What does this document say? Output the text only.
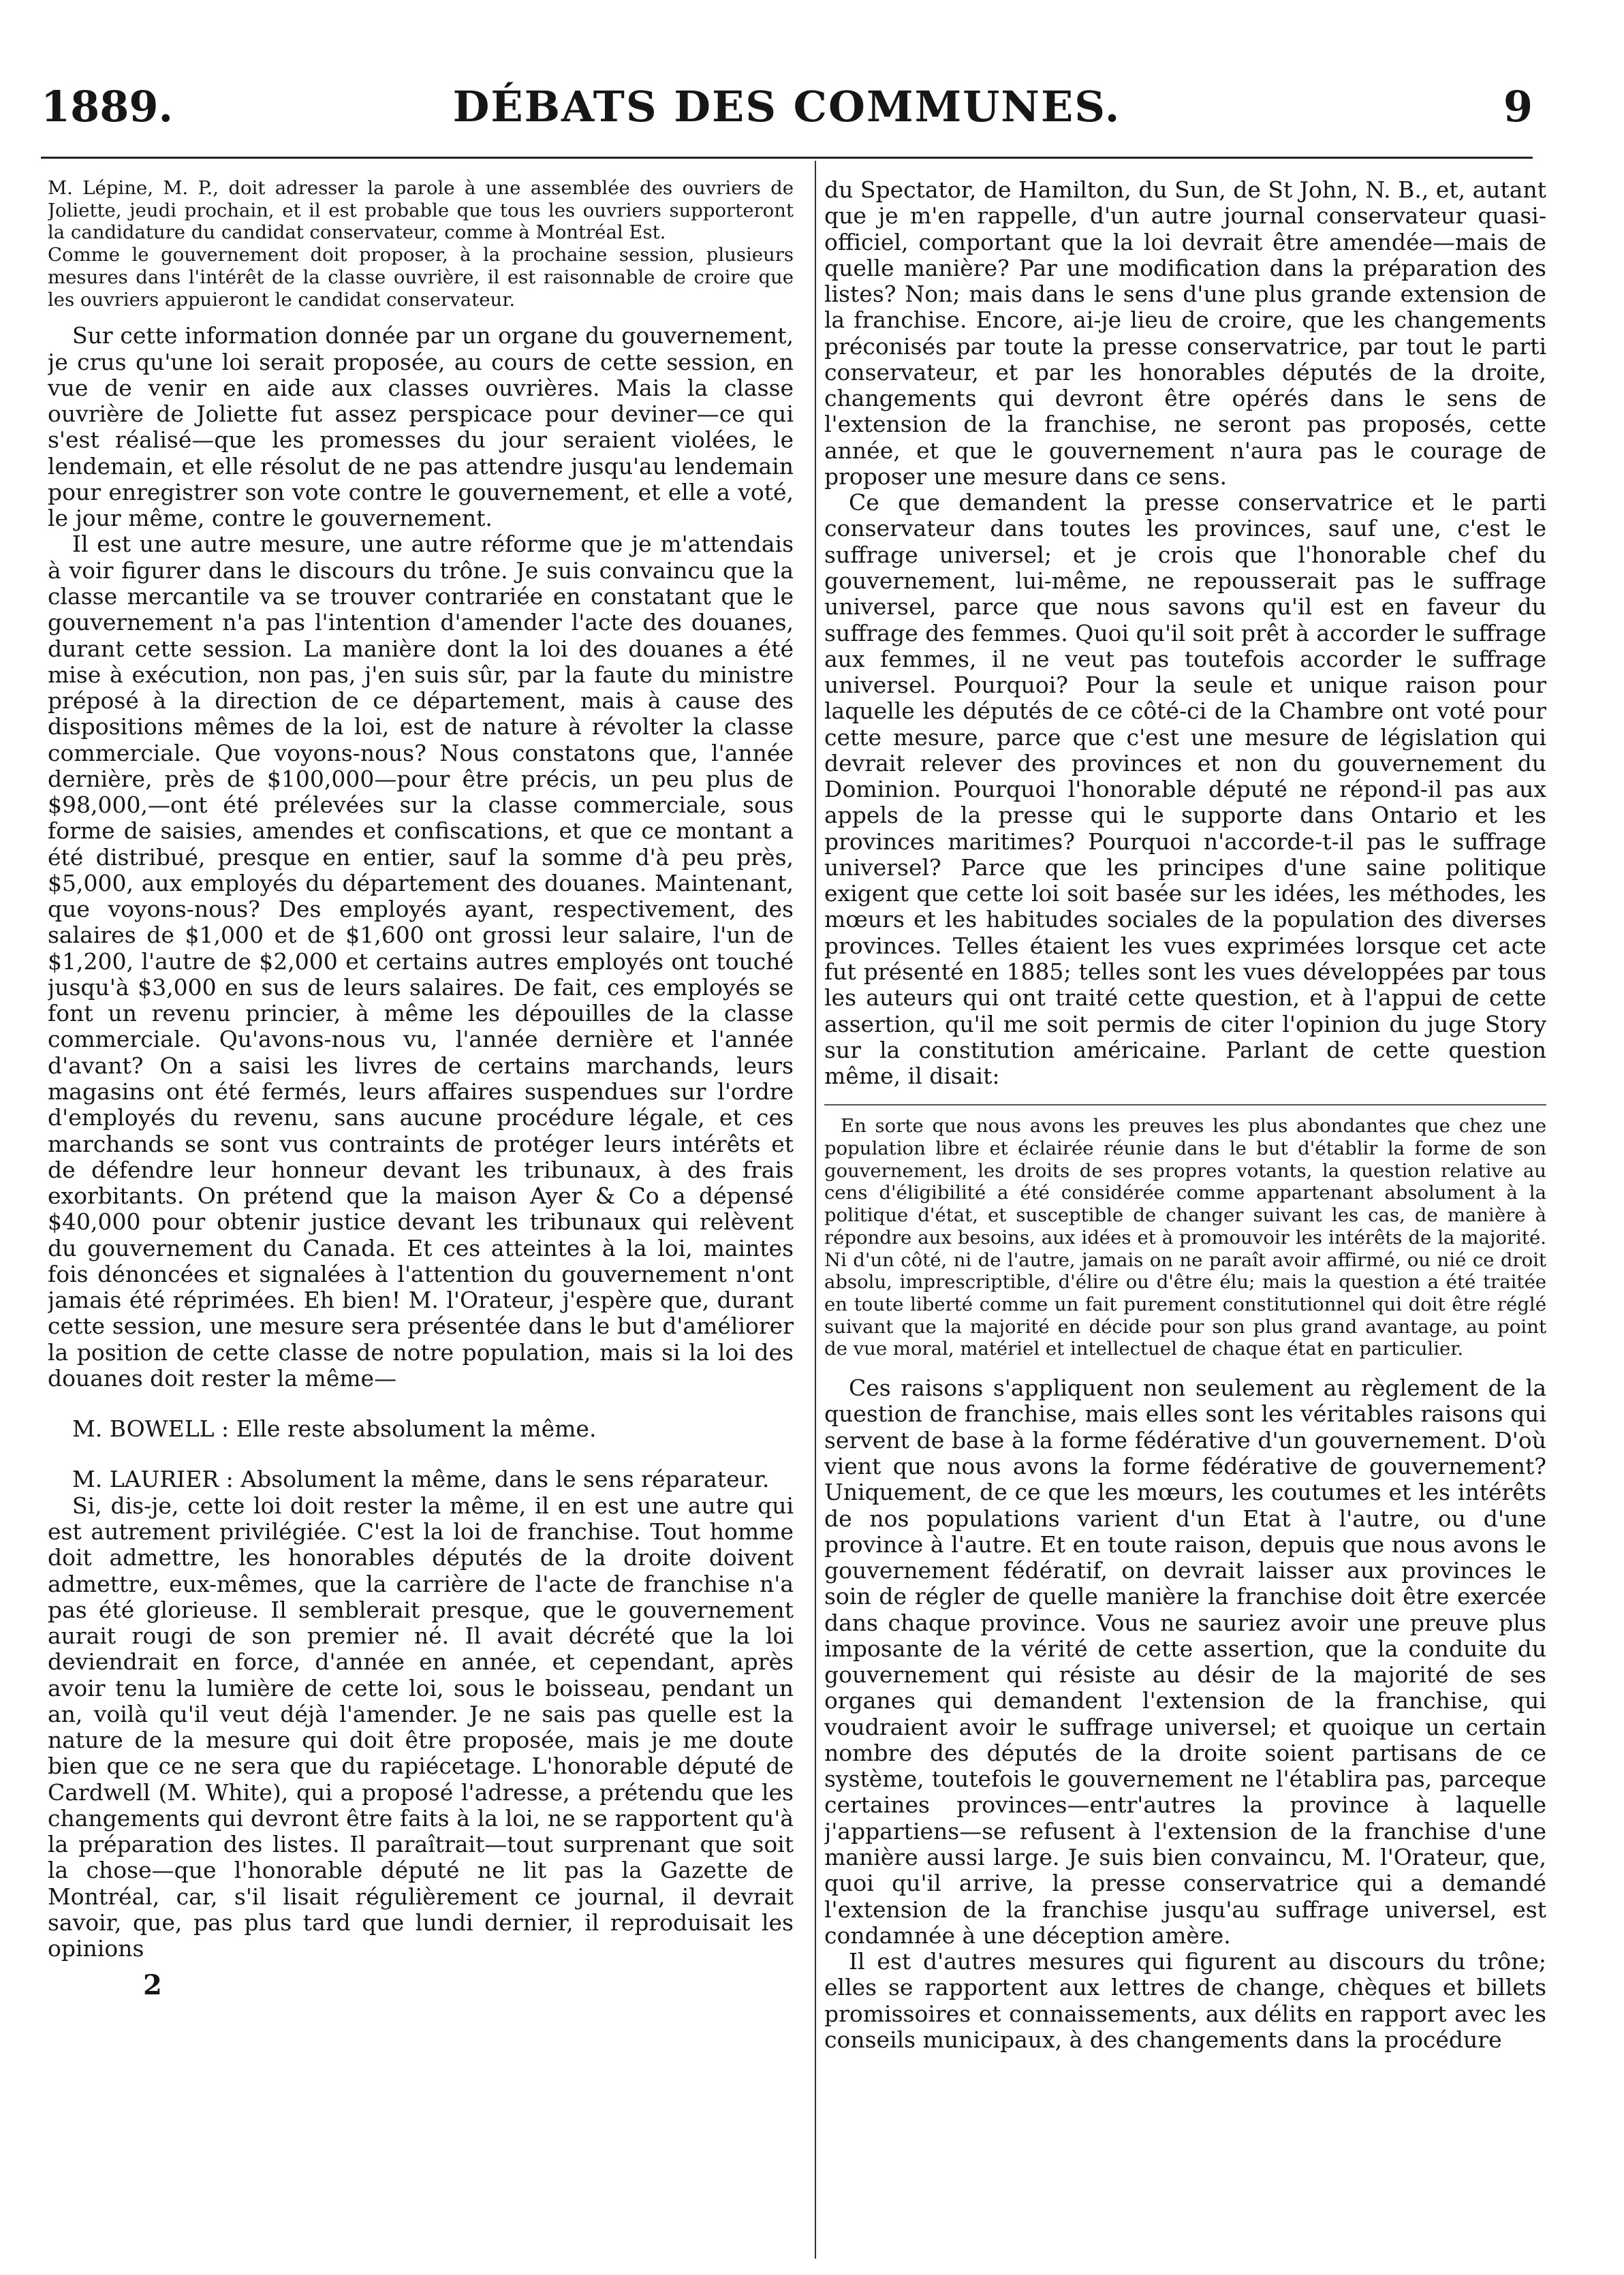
1889.	DÉBATS DES COMMUNES.	9

M. Lépine, M. P., doit adresser la parole à une assemblée des ouvriers de Joliette, jeudi prochain, et il est probable que tous les ouvriers supporteront la candidature du candidat conservateur, comme à Montréal Est.

Comme le gouvernement doit proposer, à la prochaine session, plusieurs mesures dans l'intérêt de la classe ouvrière, il est raisonnable de croire que les ouvriers appuieront le candidat conservateur.

Sur cette information donnée par un organe du gouvernement, je crus qu'une loi serait proposée, au cours de cette session, en vue de venir en aide aux classes ouvrières. Mais la classe ouvrière de Joliette fut assez perspicace pour deviner—ce qui s'est réalisé—que les promesses du jour seraient violées, le lendemain, et elle résolut de ne pas attendre jusqu'au lendemain pour enregistrer son vote contre le gouvernement, et elle a voté, le jour même, contre le gouvernement.

Il est une autre mesure, une autre réforme que je m'attendais à voir figurer dans le discours du trône. Je suis convaincu que la classe mercantile va se trouver contrariée en constatant que le gouvernement n'a pas l'intention d'amender l'acte des douanes, durant cette session. La manière dont la loi des douanes a été mise à exécution, non pas, j'en suis sûr, par la faute du ministre préposé à la direction de ce département, mais à cause des dispositions mêmes de la loi, est de nature à révolter la classe commerciale. Que voyons-nous? Nous constatons que, l'année dernière, près de $100,000—pour être précis, un peu plus de $98,000,—ont été prélevées sur la classe commerciale, sous forme de saisies, amendes et confiscations, et que ce montant a été distribué, presque en entier, sauf la somme d'à peu près, $5,000, aux employés du département des douanes. Maintenant, que voyons-nous? Des employés ayant, respectivement, des salaires de $1,000 et de $1,600 ont grossi leur salaire, l'un de $1,200, l'autre de $2,000 et certains autres employés ont touché jusqu'à $3,000 en sus de leurs salaires. De fait, ces employés se font un revenu princier, à même les dépouilles de la classe commerciale. Qu'avons-nous vu, l'année dernière et l'année d'avant? On a saisi les livres de certains marchands, leurs magasins ont été fermés, leurs affaires suspendues sur l'ordre d'employés du revenu, sans aucune procédure légale, et ces marchands se sont vus contraints de protéger leurs intérêts et de défendre leur honneur devant les tribunaux, à des frais exorbitants. On prétend que la maison Ayer & Co a dépensé $40,000 pour obtenir justice devant les tribunaux qui relèvent du gouvernement du Canada. Et ces atteintes à la loi, maintes fois dénoncées et signalées à l'attention du gouvernement n'ont jamais été réprimées. Eh bien! M. l'Orateur, j'espère que, durant cette session, une mesure sera présentée dans le but d'améliorer la position de cette classe de notre population, mais si la loi des douanes doit rester la même—

M. BOWELL : Elle reste absolument la même.

M. LAURIER : Absolument la même, dans le sens réparateur.

Si, dis-je, cette loi doit rester la même, il en est une autre qui est autrement privilégiée. C'est la loi de franchise. Tout homme doit admettre, les honorables députés de la droite doivent admettre, eux-mêmes, que la carrière de l'acte de franchise n'a pas été glorieuse. Il semblerait presque, que le gouvernement aurait rougi de son premier né. Il avait décrété que la loi deviendrait en force, d'année en année, et cependant, après avoir tenu la lumière de cette loi, sous le boisseau, pendant un an, voilà qu'il veut déjà l'amender. Je ne sais pas quelle est la nature de la mesure qui doit être proposée, mais je me doute bien que ce ne sera que du rapiécetage. L'honorable député de Cardwell (M. White), qui a proposé l'adresse, a prétendu que les changements qui devront être faits à la loi, ne se rapportent qu'à la préparation des listes. Il paraîtrait—tout surprenant que soit la chose—que l'honorable député ne lit pas la Gazette de Montréal, car, s'il lisait régulièrement ce journal, il devrait savoir, que, pas plus tard que lundi dernier, il reproduisait les opinions

2

du Spectator, de Hamilton, du Sun, de St John, N. B., et, autant que je m'en rappelle, d'un autre journal conservateur quasi-officiel, comportant que la loi devrait être amendée—mais de quelle manière? Par une modification dans la préparation des listes? Non; mais dans le sens d'une plus grande extension de la franchise. Encore, ai-je lieu de croire, que les changements préconisés par toute la presse conservatrice, par tout le parti conservateur, et par les honorables députés de la droite, changements qui devront être opérés dans le sens de l'extension de la franchise, ne seront pas proposés, cette année, et que le gouvernement n'aura pas le courage de proposer une mesure dans ce sens.

Ce que demandent la presse conservatrice et le parti conservateur dans toutes les provinces, sauf une, c'est le suffrage universel; et je crois que l'honorable chef du gouvernement, lui-même, ne repousserait pas le suffrage universel, parce que nous savons qu'il est en faveur du suffrage des femmes. Quoi qu'il soit prêt à accorder le suffrage aux femmes, il ne veut pas toutefois accorder le suffrage universel. Pourquoi? Pour la seule et unique raison pour laquelle les députés de ce côté-ci de la Chambre ont voté pour cette mesure, parce que c'est une mesure de législation qui devrait relever des provinces et non du gouvernement du Dominion. Pourquoi l'honorable député ne répond-il pas aux appels de la presse qui le supporte dans Ontario et les provinces maritimes? Pourquoi n'accorde-t-il pas le suffrage universel? Parce que les principes d'une saine politique exigent que cette loi soit basée sur les idées, les méthodes, les mœurs et les habitudes sociales de la population des diverses provinces. Telles étaient les vues exprimées lorsque cet acte fut présenté en 1885; telles sont les vues développées par tous les auteurs qui ont traité cette question, et à l'appui de cette assertion, qu'il me soit permis de citer l'opinion du juge Story sur la constitution américaine. Parlant de cette question même, il disait:

En sorte que nous avons les preuves les plus abondantes que chez une population libre et éclairée réunie dans le but d'établir la forme de son gouvernement, les droits de ses propres votants, la question relative au cens d'éligibilité a été considérée comme appartenant absolument à la politique d'état, et susceptible de changer suivant les cas, de manière à répondre aux besoins, aux idées et à promouvoir les intérêts de la majorité. Ni d'un côté, ni de l'autre, jamais on ne paraît avoir affirmé, ou nié ce droit absolu, imprescriptible, d'élire ou d'être élu; mais la question a été traitée en toute liberté comme un fait purement constitutionnel qui doit être réglé suivant que la majorité en décide pour son plus grand avantage, au point de vue moral, matériel et intellectuel de chaque état en particulier.

Ces raisons s'appliquent non seulement au règlement de la question de franchise, mais elles sont les véritables raisons qui servent de base à la forme fédérative d'un gouvernement. D'où vient que nous avons la forme fédérative de gouvernement? Uniquement, de ce que les mœurs, les coutumes et les intérêts de nos populations varient d'un Etat à l'autre, ou d'une province à l'autre. Et en toute raison, depuis que nous avons le gouvernement fédératif, on devrait laisser aux provinces le soin de régler de quelle manière la franchise doit être exercée dans chaque province. Vous ne sauriez avoir une preuve plus imposante de la vérité de cette assertion, que la conduite du gouvernement qui résiste au désir de la majorité de ses organes qui demandent l'extension de la franchise, qui voudraient avoir le suffrage universel; et quoique un certain nombre des députés de la droite soient partisans de ce système, toutefois le gouvernement ne l'établira pas, parceque certaines provinces—entr'autres la province à laquelle j'appartiens—se refusent à l'extension de la franchise d'une manière aussi large. Je suis bien convaincu, M. l'Orateur, que, quoi qu'il arrive, la presse conservatrice qui a demandé l'extension de la franchise jusqu'au suffrage universel, est condamnée à une déception amère.

Il est d'autres mesures qui figurent au discours du trône; elles se rapportent aux lettres de change, chèques et billets promissoires et connaissements, aux délits en rapport avec les conseils municipaux, à des changements dans la procédure
